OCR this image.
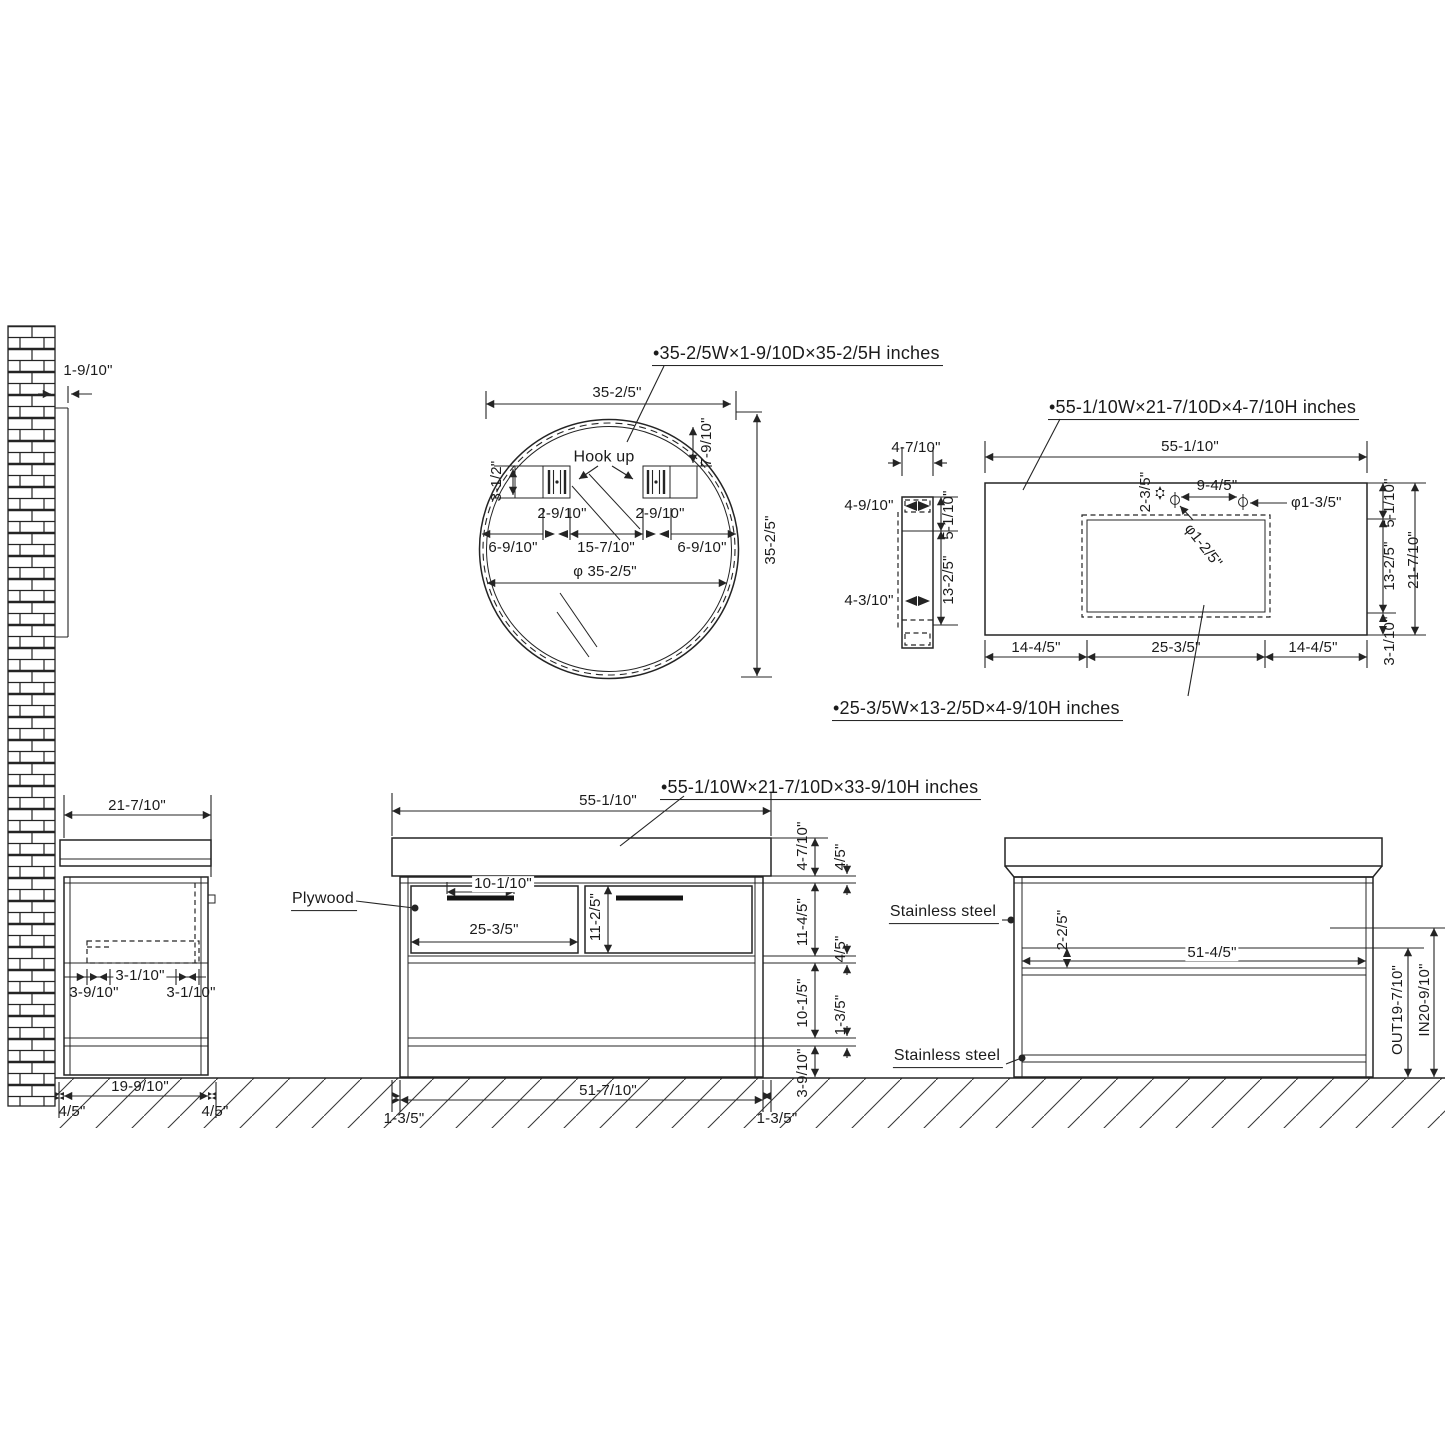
1-9/10"
21-7/10"
3-1/10"
3-9/10"	3-1/10"
19-9/10"
4/5"	4/5"
35-2/5"
•35-2/5W×1-9/10D×35-2/5H inches
Hook up	7-9/10"
3-1/2"
2-9/10"	2-9/10"
6-9/10"	15-7/10"	6-9/10"
φ 35-2/5"
35-2/5"
4-7/10"
4-9/10"
4-3/10"
5-1/10"
13-2/5"
•55-1/10W×21-7/10D×4-7/10H inches
55-1/10"
2-3/5"	9-4/5"
φ1-3/5"
φ1-2/5"
5-1/10"
13-2/5"
3-1/10"
21-7/10"
14-4/5"	25-3/5"	14-4/5"
•25-3/5W×13-2/5D×4-9/10H inches
•55-1/10W×21-7/10D×33-9/10H inches
55-1/10"
Plywood
10-1/10"
25-3/5"	11-2/5"
51-7/10"
1-3/5"	1-3/5"
4-7/10" 4/5"
11-4/5"
4/5"
10-1/5" 1-3/5"
3-9/10"
Stainless steel	2-2/5"
51-4/5"
Stainless steel
OUT19-7/10" IN20-9/10"
